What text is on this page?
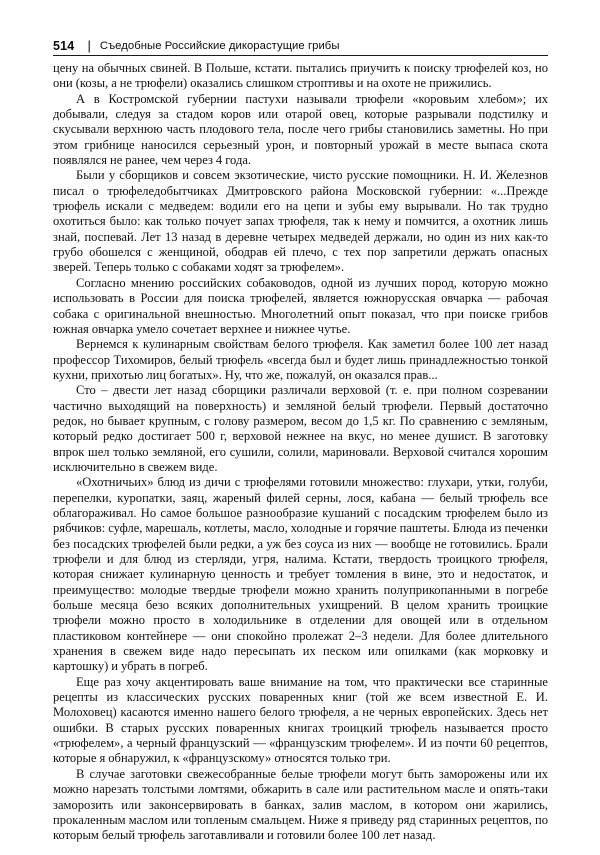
514 | Съедобные Российские дикорастущие грибы

цену на обычных свиней. В Польше, кстати. пытались приучить к поиску трюфелей коз, но они (козы, а не трюфели) оказались слишком строптивы и на охоте не прижились.

А в Костромской губернии пастухи называли трюфели «коровьим хлебом»; их добывали, следуя за стадом коров или отарой овец, которые разрывали подстилку и скусывали верхнюю часть плодового тела, после чего грибы становились заметны. Но при этом грибнице наносился серьезный урон, и повторный урожай в месте выпаса скота появлялся не ранее, чем через 4 года.

Были у сборщиков и совсем экзотические, чисто русские помощники. Н. И. Железнов писал о трюфеледобытчиках Дмитровского района Московской губернии: «...Прежде трюфель искали с медведем: водили его на цепи и зубы ему вырывали. Но так трудно охотиться было: как только почует запах трюфеля, так к нему и помчится, а охотник лишь знай, поспевай. Лет 13 назад в деревне четырех медведей держали, но один из них как-то грубо обошелся с женщиной, ободрав ей плечо, с тех пор запретили держать опасных зверей. Теперь только с собаками ходят за трюфелем».

Согласно мнению российских собаководов, одной из лучших пород, которую можно использовать в России для поиска трюфелей, является южнорусская овчарка — рабочая собака с оригинальной внешностью. Многолетний опыт показал, что при поиске грибов южная овчарка умело сочетает верхнее и нижнее чутье.

Вернемся к кулинарным свойствам белого трюфеля. Как заметил более 100 лет назад профессор Тихомиров, белый трюфель «всегда был и будет лишь принадлежностью тонкой кухни, прихотью лиц богатых». Ну, что же, пожалуй, он оказался прав...

Сто – двести лет назад сборщики различали верховой (т. е. при полном созревании частично выходящий на поверхность) и земляной белый трюфели. Первый достаточно редок, но бывает крупным, с голову размером, весом до 1,5 кг. По сравнению с земляным, который редко достигает 500 г, верховой нежнее на вкус, но менее душист. В заготовку впрок шел только земляной, его сушили, солили, мариновали. Верховой считался хорошим исключительно в свежем виде.

«Охотничьих» блюд из дичи с трюфелями готовили множество: глухари, утки, голуби, перепелки, куропатки, заяц, жареный филей серны, лося, кабана — белый трюфель все облагораживал. Но самое большое разнообразие кушаний с посадским трюфелем было из рябчиков: суфле, марешаль, котлеты, масло, холодные и горячие паштеты. Блюда из печенки без посадских трюфелей были редки, а уж без соуса из них — вообще не готовились. Брали трюфели и для блюд из стерляди, угря, налима. Кстати, твердость троицкого трюфеля, которая снижает кулинарную ценность и требует томления в вине, это и недостаток, и преимущество: молодые твердые трюфели можно хранить полуприкопанными в погребе больше месяца безо всяких дополнительных ухищрений. В целом хранить троицкие трюфели можно просто в холодильнике в отделении для овощей или в отдельном пластиковом контейнере — они спокойно пролежат 2–3 недели. Для более длительного хранения в свежем виде надо пересыпать их песком или опилками (как морковку и картошку) и убрать в погреб.

Еще раз хочу акцентировать ваше внимание на том, что практически все старинные рецепты из классических русских поваренных книг (той же всем известной Е. И. Молоховец) касаются именно нашего белого трюфеля, а не черных европейских. Здесь нет ошибки. В старых русских поваренных книгах троицкий трюфель называется просто «трюфелем», а черный французский — «французским трюфелем». И из почти 60 рецептов, которые я обнаружил, к «французскому» относятся только три.

В случае заготовки свежесобранные белые трюфели могут быть заморожены или их можно нарезать толстыми ломтями, обжарить в сале или растительном масле и опять-таки заморозить или законсервировать в банках, залив маслом, в котором они жарились, прокаленным маслом или топленым смальцем. Ниже я приведу ряд старинных рецептов, по которым белый трюфель заготавливали и готовили более 100 лет назад.
